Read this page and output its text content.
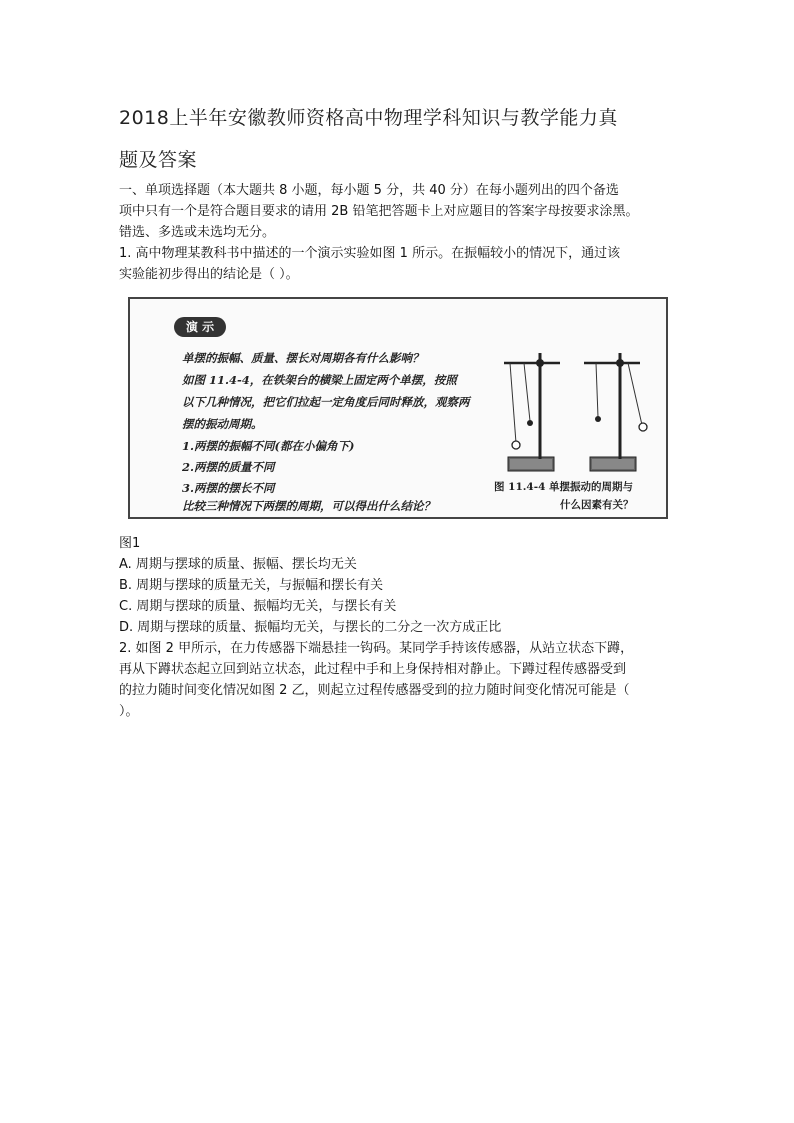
2018上半年安徽教师资格高中物理学科知识与教学能力真
题及答案
一、单项选择题（本大题共 8 小题，每小题 5 分，共 40 分）在每小题列出的四个备选
项中只有一个是符合题目要求的请用 2B 铅笔把答题卡上对应题目的答案字母按要求涂黑。
错选、多选或未选均无分。
1. 高中物理某教科书中描述的一个演示实验如图 1 所示。在振幅较小的情况下，通过该
实验能初步得出的结论是（ ）。
演 示
单摆的振幅、质量、摆长对周期各有什么影响？
如图 11.4-4，在铁架台的横梁上固定两个单摆，按照
以下几种情况，把它们拉起一定角度后同时释放，观察两
摆的振动周期。
1.两摆的振幅不同(都在小偏角下)
2.两摆的质量不同
3.两摆的摆长不同
比较三种情况下两摆的周期，可以得出什么结论？
图 11.4-4 单摆振动的周期与
什么因素有关？
图1
A. 周期与摆球的质量、振幅、摆长均无关
B. 周期与摆球的质量无关，与振幅和摆长有关
C. 周期与摆球的质量、振幅均无关，与摆长有关
D. 周期与摆球的质量、振幅均无关，与摆长的二分之一次方成正比
2. 如图 2 甲所示，在力传感器下端悬挂一钩码。某同学手持该传感器，从站立状态下蹲，
再从下蹲状态起立回到站立状态，此过程中手和上身保持相对静止。下蹲过程传感器受到
的拉力随时间变化情况如图 2 乙，则起立过程传感器受到的拉力随时间变化情况可能是（
）。
